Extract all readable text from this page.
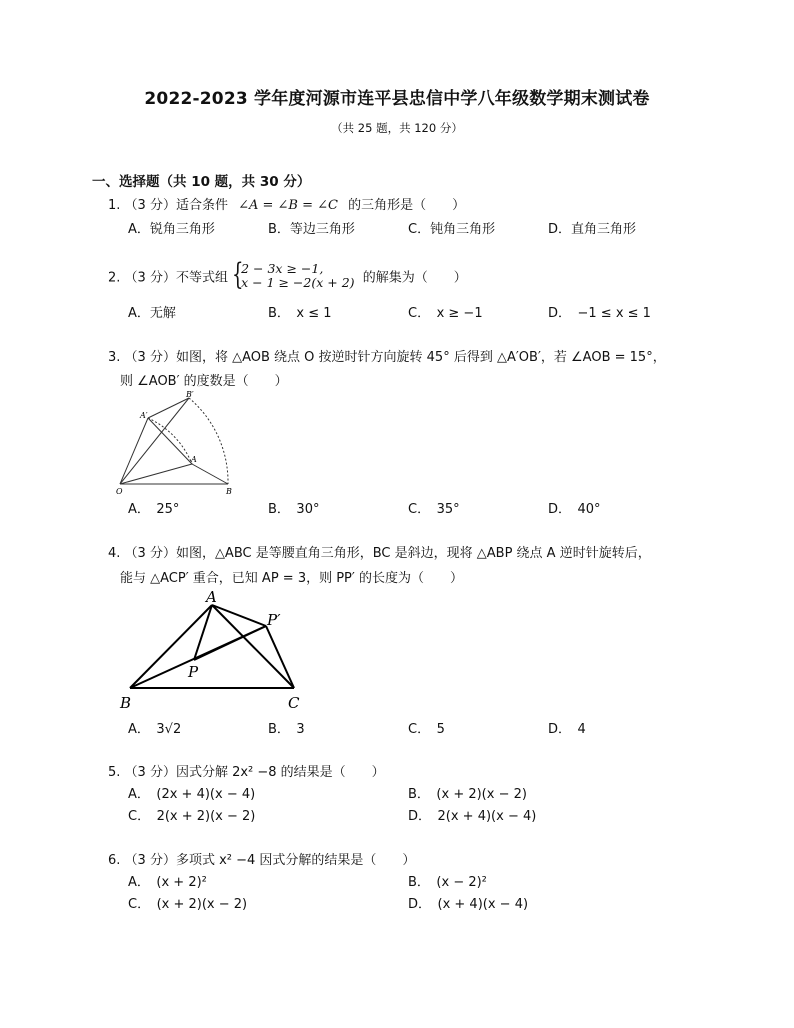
2022-2023 学年度河源市连平县忠信中学八年级数学期末测试卷
（共 25 题，共 120 分）
一、选择题（共 10 题，共 30 分）
1. （3 分）适合条件 ∠A = ∠B = ∠C 的三角形是（　　）
A．锐角三角形	B．等边三角形	C．钝角三角形	D．直角三角形
2. （3 分）不等式组 {
2 − 3x ≥ −1,
x − 1 ≥ −2(x + 2) 的解集为（　　）
A．无解	B．　x ≤ 1	C．　x ≥ −1	D．　−1 ≤ x ≤ 1
3. （3 分）如图，将 △AOB 绕点 O 按逆时针方向旋转 45° 后得到 △A′OB′，若 ∠AOB = 15°，
则 ∠AOB′ 的度数是（　　）
B′
A′
A
O	B
A．　25°	B．　30°	C．　35°	D．　40°
4. （3 分）如图，△ABC 是等腰直角三角形，BC 是斜边，现将 △ABP 绕点 A 逆时针旋转后，
能与 △ACP′ 重合，已知 AP = 3，则 PP′ 的长度为（　　）
A
P′
P
B	C
A．　3√2	B．　3	C．　5	D．　4
5. （3 分）因式分解 2x² −8 的结果是（　　）
A．　(2x + 4)(x − 4)	B．　(x + 2)(x − 2)
C．　2(x + 2)(x − 2)	D．　2(x + 4)(x − 4)
6. （3 分）多项式 x² −4 因式分解的结果是（　　）
A．　(x + 2)²	B．　(x − 2)²
C．　(x + 2)(x − 2)	D．　(x + 4)(x − 4)
